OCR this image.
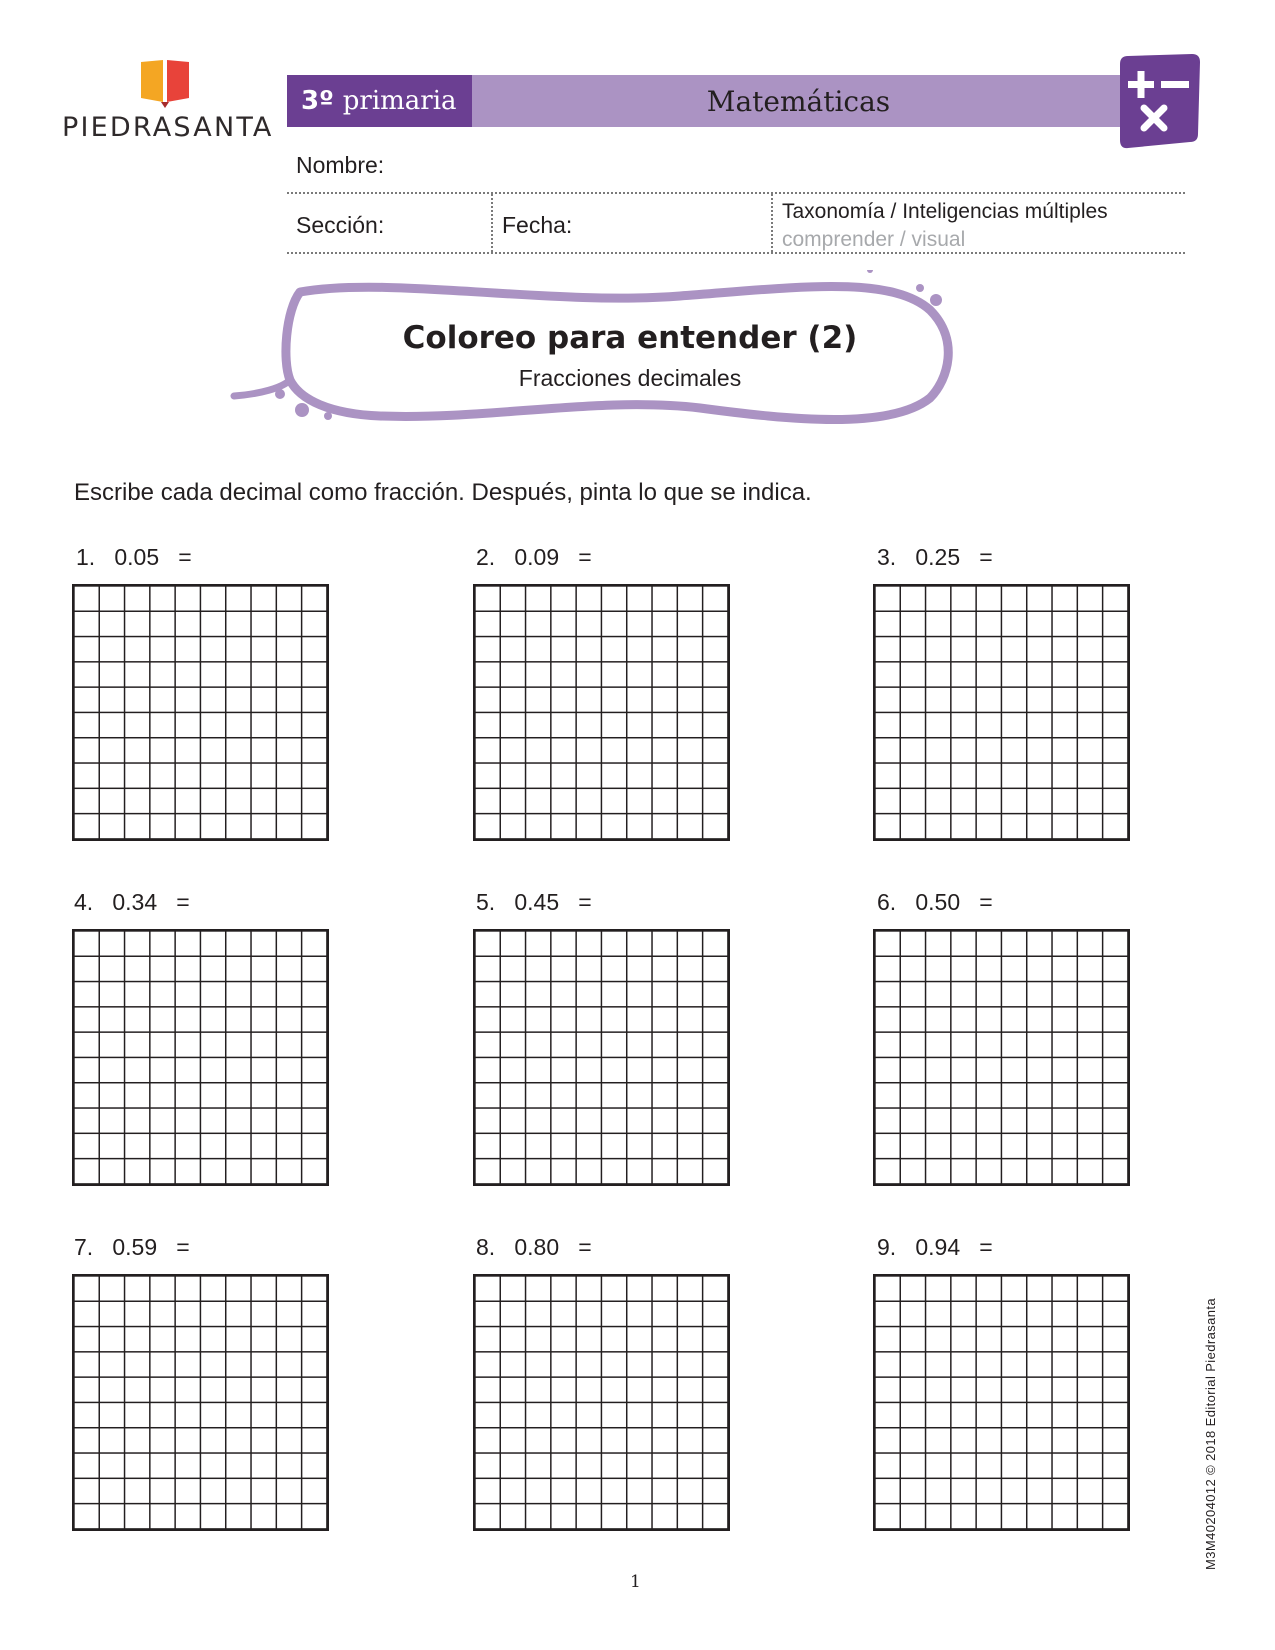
PIEDRASANTA
3º primaria	Matemáticas
Nombre:
Sección:	Fecha:
Taxonomía / Inteligencias múltiples
comprender / visual
Coloreo para entender (2)
Fracciones decimales
Escribe cada decimal como fracción. Después, pinta lo que se indica.
1. 0.05 =	2. 0.09 =	3. 0.25 =
4. 0.34 =	5. 0.45 =	6. 0.50 =
7. 0.59 =	8. 0.80 =	9. 0.94 =
M3M40204012 © 2018 Editorial Piedrasanta
1
